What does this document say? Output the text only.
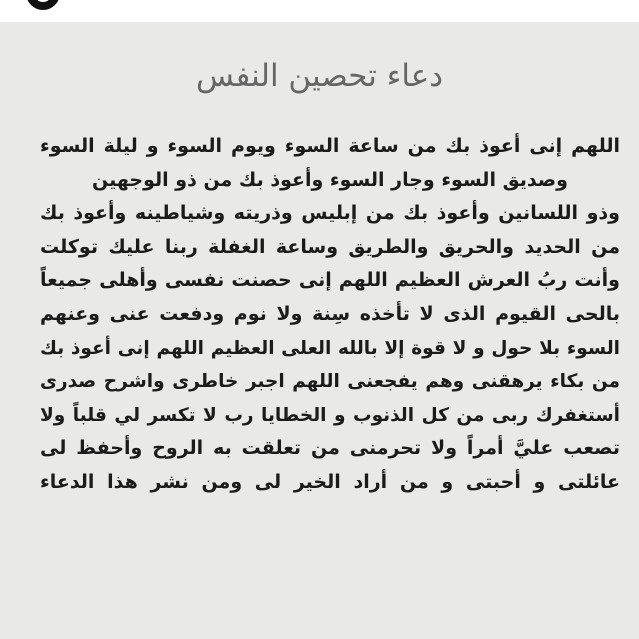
دعاء تحصين النفس
اللهم إنى أعوذ بك من ساعة السوء ويوم السوء و ليلة السوء
وصديق السوء وجار السوء وأعوذ بك من ذو الوجهين
وذو اللسانين وأعوذ بك من إبليس وذريته وشياطينه وأعوذ بك
من الحديد والحريق والطريق وساعة الغفلة ربنا عليك توكلت
وأنت ربُ العرش العظيم اللهم إنى حصنت نفسى وأهلى جميعاً
بالحى القيوم الذى لا تأخذه سِنة ولا نوم ودفعت عنى وعنهم
السوء بلا حول و لا قوة إلا بالله العلى العظيم اللهم إنى أعوذ بك
من بكاء يرهقنى وهم يفجعنى اللهم اجبر خاطرى واشرح صدرى
أستغفرك ربى من كل الذنوب و الخطايا رب لا تكسر لي قلباً ولا
تصعب عليَّ أمراً ولا تحرمنى من تعلقت به الروح وأحفظ لى
عائلتى و أحبتى و من أراد الخير لى ومن نشر هذا الدعاء
